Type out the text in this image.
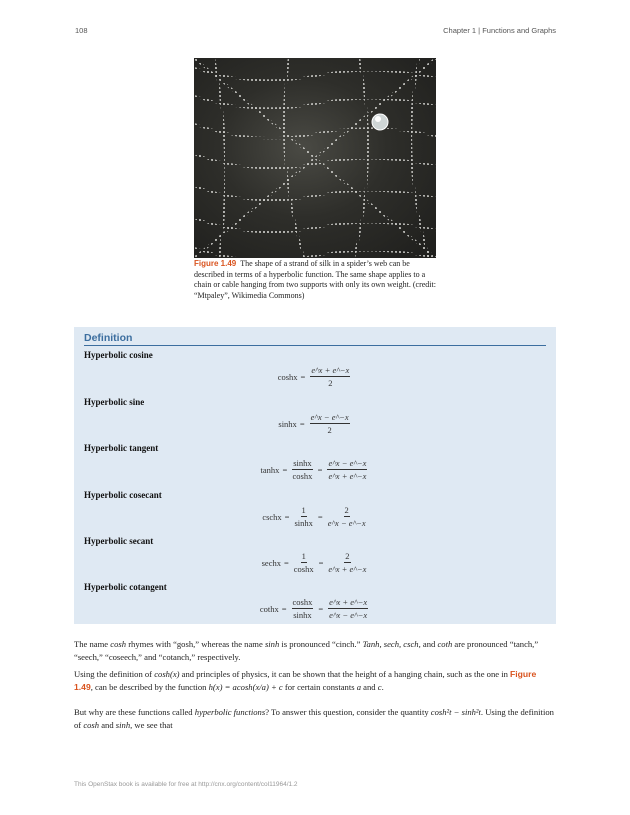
108	Chapter 1 | Functions and Graphs
Figure 1.49 The shape of a strand of silk in a spider’s web can be described in terms of a hyperbolic function. The same shape applies to a chain or cable hanging from two supports with only its own weight. (credit: “Mtpaley”, Wikimedia Commons)
Definition
Hyperbolic cosine
$\cosh x = \frac{e\^{}x + e\^{}-x}{2}$
Hyperbolic sine
$\sinh x = \frac{e\^{}x - e\^{}-x}{2}$
Hyperbolic tangent
$\tanh x = \frac{\sinh x}{\cosh x} = \frac{e\^{}x - e\^{}-x}{e\^{}x + e\^{}-x}$
Hyperbolic cosecant
cschx = $\frac{1}{\sinh x} = \frac{2}{e\^{}x - e\^{}-x}$
Hyperbolic secant
sechx = $\frac{1}{\cosh x} = \frac{2}{e\^{}x + e\^{}-x}$
Hyperbolic cotangent
cothx = $\frac{\cosh x}{\sinh x} = \frac{e\^{}x + e\^{}-x}{e\^{}x - e\^{}-x}$
The name cosh rhymes with “gosh,” whereas the name sinh is pronounced “cinch.” Tanh, sech, csch, and coth are pronounced “tanch,” “seech,” “coseech,” and “cotanch,” respectively.
Using the definition of cosh(x) and principles of physics, it can be shown that the height of a hanging chain, such as the one in Figure 1.49, can be described by the function h(x) = acosh(x/a) + c for certain constants a and c.
But why are these functions called hyperbolic functions? To answer this question, consider the quantity cosh²t − sinh²t. Using the definition of cosh and sinh, we see that
This OpenStax book is available for free at http://cnx.org/content/col11964/1.2
